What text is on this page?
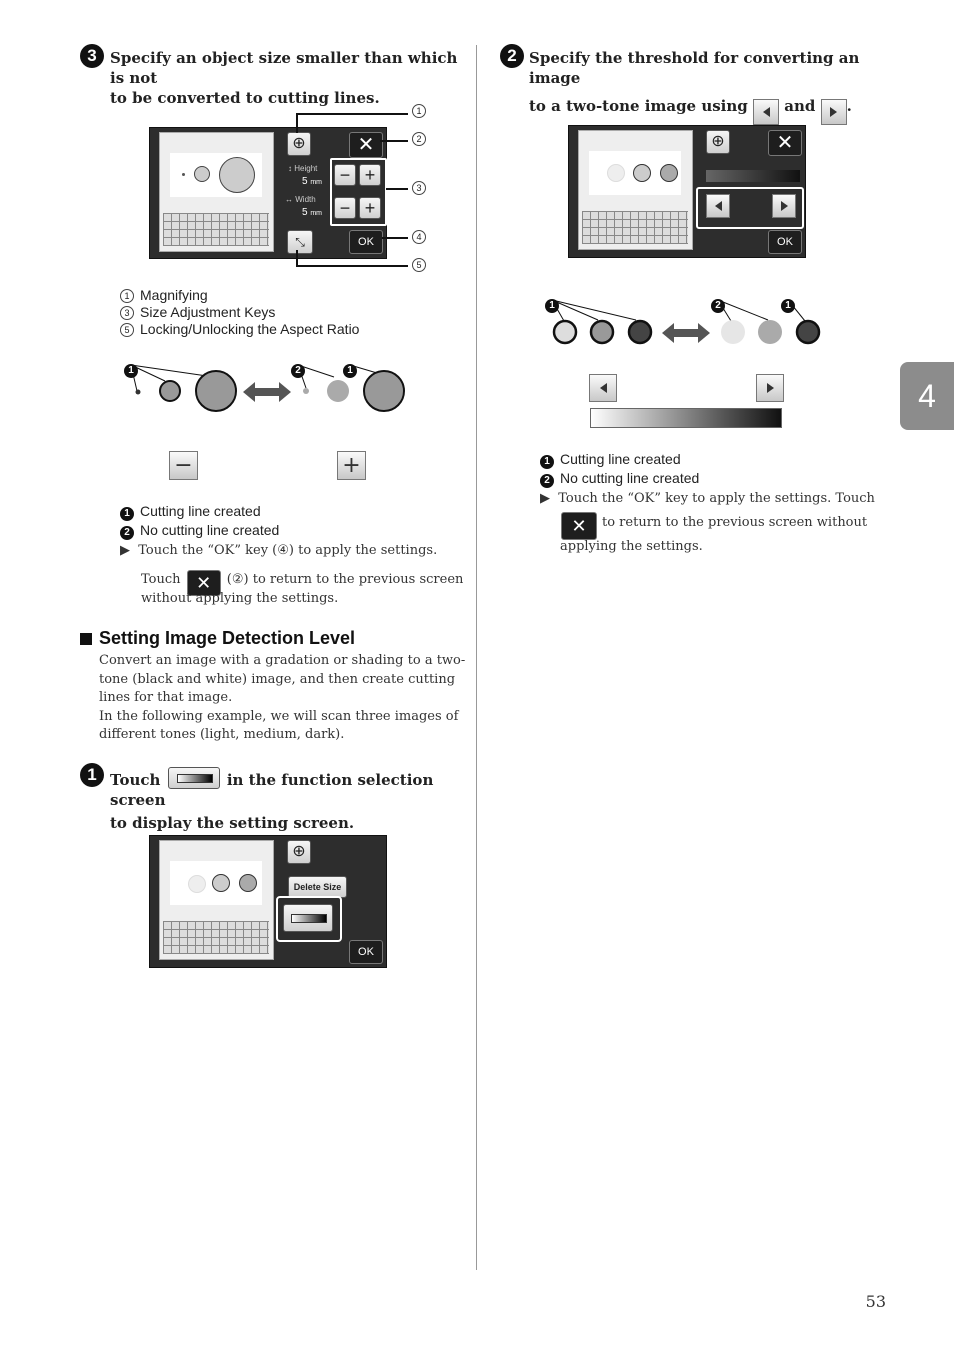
3 Specify an object size smaller than which is not
to be converted to cutting lines.
⊕	✕
↕ Height
5 mm
↔ Width
5 mm
− +
− +
⤡	OK
1
2
3
4
5
1 Magnifying
3 Size Adjustment Keys
5 Locking/Unlocking the Aspect Ratio
1	2	1
−	+
1 Cutting line created
2 No cutting line created
▶  Touch the “OK” key (④) to apply the settings.
Touch ✕ (②) to return to the previous screen
without applying the settings.
Setting Image Detection Level
Convert an image with a gradation or shading to a two-
tone (black and white) image, and then create cutting
lines for that image.
In the following example, we will scan three images of
different tones (light, medium, dark).
1 Touch	in the function selection screen
to display the setting screen.
⊕
Delete Size
OK
2 Specify the threshold for converting an image
to a two-tone image using and .
⊕	✕
OK
1	2	1
1 Cutting line created
2 No cutting line created
▶  Touch the “OK” key to apply the settings. Touch
✕	to return to the previous screen without
applying the settings.
4
53
